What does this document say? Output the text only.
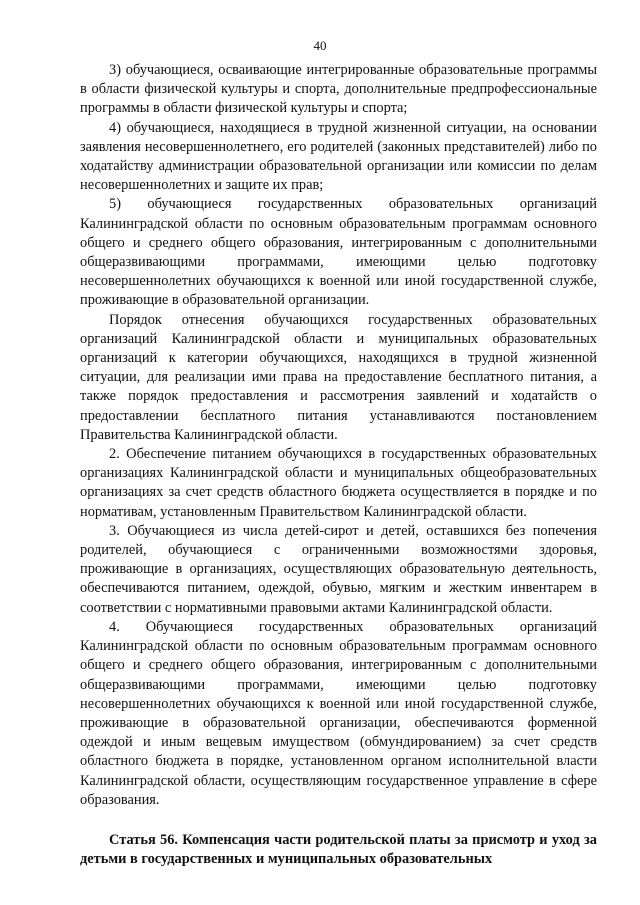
40

3) обучающиеся, осваивающие интегрированные образовательные программы в области физической культуры и спорта, дополнительные предпрофессиональные программы в области физической культуры и спорта;

4) обучающиеся, находящиеся в трудной жизненной ситуации, на основании заявления несовершеннолетнего, его родителей (законных представителей) либо по ходатайству администрации образовательной организации или комиссии по делам несовершеннолетних и защите их прав;

5) обучающиеся государственных образовательных организаций Калининградской области по основным образовательным программам основного общего и среднего общего образования, интегрированным с дополнительными общеразвивающими программами, имеющими целью подготовку несовершеннолетних обучающихся к военной или иной государственной службе, проживающие в образовательной организации.

Порядок отнесения обучающихся государственных образовательных организаций Калининградской области и муниципальных образовательных организаций к категории обучающихся, находящихся в трудной жизненной ситуации, для реализации ими права на предоставление бесплатного питания, а также порядок предоставления и рассмотрения заявлений и ходатайств о предоставлении бесплатного питания устанавливаются постановлением Правительства Калининградской области.

2. Обеспечение питанием обучающихся в государственных образовательных организациях Калининградской области и муниципальных общеобразовательных организациях за счет средств областного бюджета осуществляется в порядке и по нормативам, установленным Правительством Калининградской области.

3. Обучающиеся из числа детей-сирот и детей, оставшихся без попечения родителей, обучающиеся с ограниченными возможностями здоровья, проживающие в организациях, осуществляющих образовательную деятельность, обеспечиваются питанием, одеждой, обувью, мягким и жестким инвентарем в соответствии с нормативными правовыми актами Калининградской области.

4. Обучающиеся государственных образовательных организаций Калининградской области по основным образовательным программам основного общего и среднего общего образования, интегрированным с дополнительными общеразвивающими программами, имеющими целью подготовку несовершеннолетних обучающихся к военной или иной государственной службе, проживающие в образовательной организации, обеспечиваются форменной одеждой и иным вещевым имуществом (обмундированием) за счет средств областного бюджета в порядке, установленном органом исполнительной власти Калининградской области, осуществляющим государственное управление в сфере образования.

Статья 56. Компенсация части родительской платы за присмотр и уход за детьми в государственных и муниципальных образовательных
